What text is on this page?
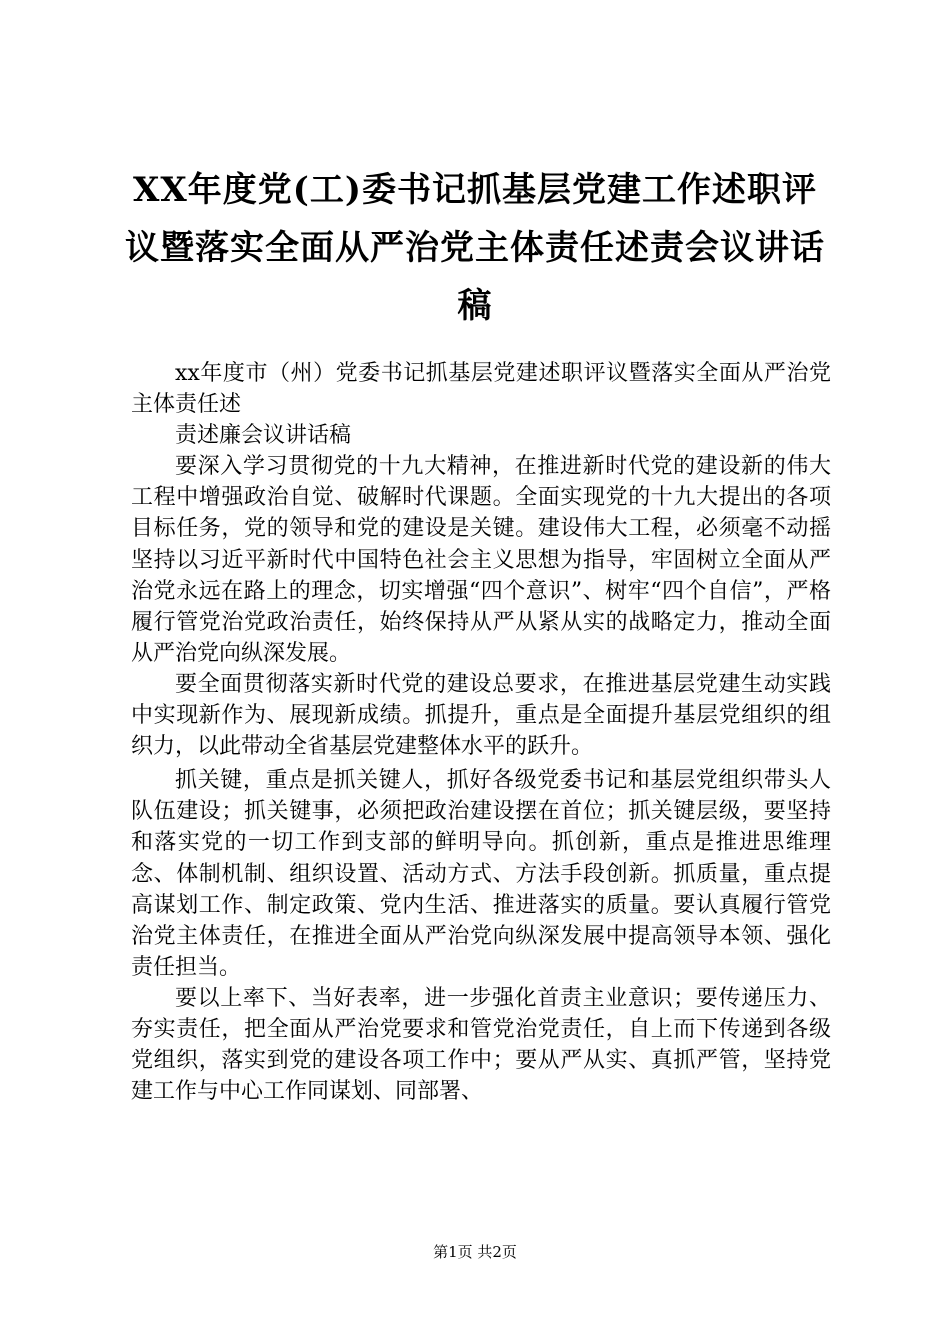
XX年度党(工)委书记抓基层党建工作述职评
议暨落实全面从严治党主体责任述责会议讲话
稿

xx年度市（州）党委书记抓基层党建述职评议暨落实全面从严治党主体责任述

责述廉会议讲话稿

要深入学习贯彻党的十九大精神，在推进新时代党的建设新的伟大工程中增强政治自觉、破解时代课题。全面实现党的十九大提出的各项目标任务，党的领导和党的建设是关键。建设伟大工程，必须毫不动摇坚持以习近平新时代中国特色社会主义思想为指导，牢固树立全面从严治党永远在路上的理念，切实增强“四个意识”、树牢“四个自信”，严格履行管党治党政治责任，始终保持从严从紧从实的战略定力，推动全面从严治党向纵深发展。

要全面贯彻落实新时代党的建设总要求，在推进基层党建生动实践中实现新作为、展现新成绩。抓提升，重点是全面提升基层党组织的组织力，以此带动全省基层党建整体水平的跃升。

抓关键，重点是抓关键人，抓好各级党委书记和基层党组织带头人队伍建设；抓关键事，必须把政治建设摆在首位；抓关键层级，要坚持和落实党的一切工作到支部的鲜明导向。抓创新，重点是推进思维理念、体制机制、组织设置、活动方式、方法手段创新。抓质量，重点提高谋划工作、制定政策、党内生活、推进落实的质量。要认真履行管党治党主体责任，在推进全面从严治党向纵深发展中提高领导本领、强化责任担当。

要以上率下、当好表率，进一步强化首责主业意识；要传递压力、夯实责任，把全面从严治党要求和管党治党责任，自上而下传递到各级党组织，落实到党的建设各项工作中；要从严从实、真抓严管，坚持党建工作与中心工作同谋划、同部署、

第1页 共2页
